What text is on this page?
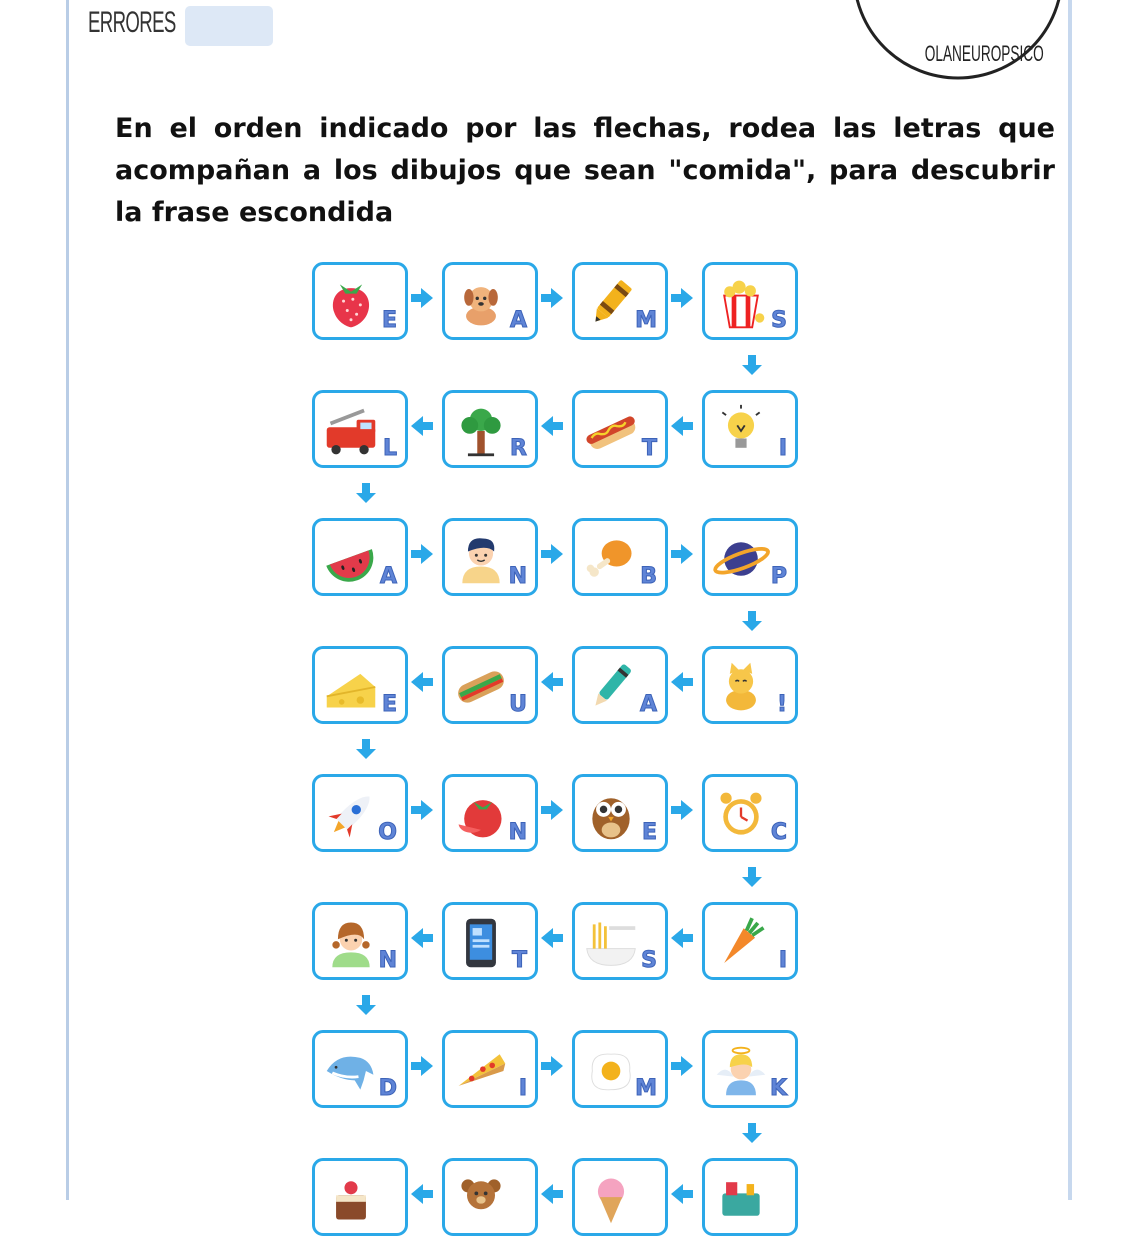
ERRORES
OLANEUROPSICO

En el orden indicado por las flechas, rodea las letras que acompañan a los dibujos que sean "comida", para descubrir la frase escondida

E	A	M	S
L	R	T	I
A	N	B	P
E	U	A	!
O	N	E	C
N	T	S	I
D	I	M	K
